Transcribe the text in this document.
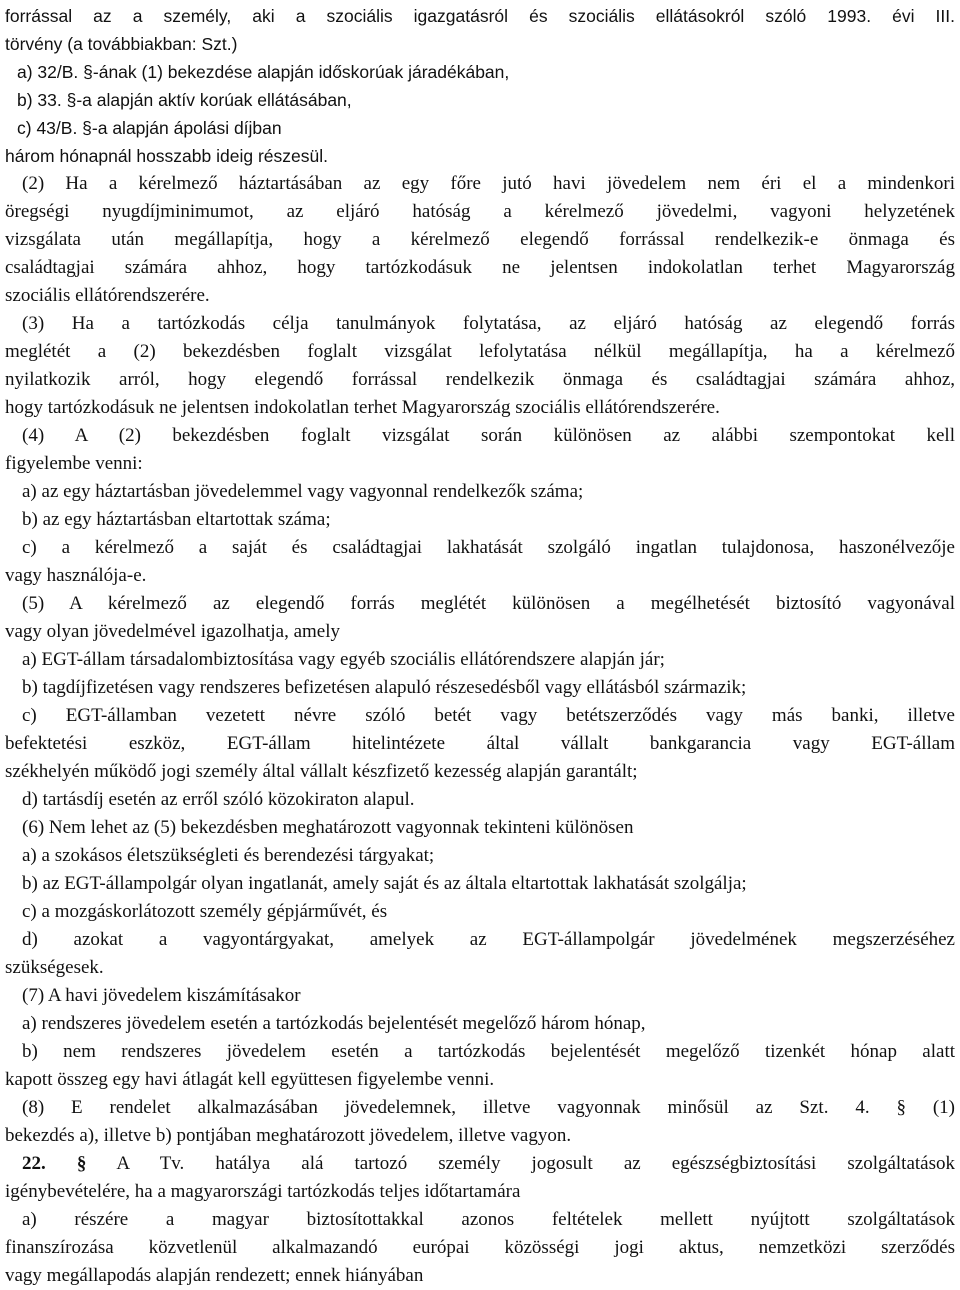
forrással az a személy, aki a szociális igazgatásról és szociális ellátásokról szóló 1993. évi III.
törvény (a továbbiakban: Szt.)
a) 32/B. §-ának (1) bekezdése alapján időskorúak járadékában,
b) 33. §-a alapján aktív korúak ellátásában,
c) 43/B. §-a alapján ápolási díjban
három hónapnál hosszabb ideig részesül.
(2) Ha a kérelmező háztartásában az egy főre jutó havi jövedelem nem éri el a mindenkori
öregségi nyugdíjminimumot, az eljáró hatóság a kérelmező jövedelmi, vagyoni helyzetének
vizsgálata után megállapítja, hogy a kérelmező elegendő forrással rendelkezik-e önmaga és
családtagjai számára ahhoz, hogy tartózkodásuk ne jelentsen indokolatlan terhet Magyarország
szociális ellátórendszerére.
(3) Ha a tartózkodás célja tanulmányok folytatása, az eljáró hatóság az elegendő forrás
meglétét a (2) bekezdésben foglalt vizsgálat lefolytatása nélkül megállapítja, ha a kérelmező
nyilatkozik arról, hogy elegendő forrással rendelkezik önmaga és családtagjai számára ahhoz,
hogy tartózkodásuk ne jelentsen indokolatlan terhet Magyarország szociális ellátórendszerére.
(4) A (2) bekezdésben foglalt vizsgálat során különösen az alábbi szempontokat kell
figyelembe venni:
a) az egy háztartásban jövedelemmel vagy vagyonnal rendelkezők száma;
b) az egy háztartásban eltartottak száma;
c) a kérelmező a saját és családtagjai lakhatását szolgáló ingatlan tulajdonosa, haszonélvezője
vagy használója-e.
(5) A kérelmező az elegendő forrás meglétét különösen a megélhetését biztosító vagyonával
vagy olyan jövedelmével igazolhatja, amely
a) EGT-állam társadalombiztosítása vagy egyéb szociális ellátórendszere alapján jár;
b) tagdíjfizetésen vagy rendszeres befizetésen alapuló részesedésből vagy ellátásból származik;
c) EGT-államban vezetett névre szóló betét vagy betétszerződés vagy más banki, illetve
befektetési eszköz, EGT-állam hitelintézete által vállalt bankgarancia vagy EGT-állam
székhelyén működő jogi személy által vállalt készfizető kezesség alapján garantált;
d) tartásdíj esetén az erről szóló közokiraton alapul.
(6) Nem lehet az (5) bekezdésben meghatározott vagyonnak tekinteni különösen
a) a szokásos életszükségleti és berendezési tárgyakat;
b) az EGT-állampolgár olyan ingatlanát, amely saját és az általa eltartottak lakhatását szolgálja;
c) a mozgáskorlátozott személy gépjárművét, és
d) azokat a vagyontárgyakat, amelyek az EGT-állampolgár jövedelmének megszerzéséhez
szükségesek.
(7) A havi jövedelem kiszámításakor
a) rendszeres jövedelem esetén a tartózkodás bejelentését megelőző három hónap,
b) nem rendszeres jövedelem esetén a tartózkodás bejelentését megelőző tizenkét hónap alatt
kapott összeg egy havi átlagát kell együttesen figyelembe venni.
(8) E rendelet alkalmazásában jövedelemnek, illetve vagyonnak minősül az Szt. 4. § (1)
bekezdés a), illetve b) pontjában meghatározott jövedelem, illetve vagyon.
22. § A Tv. hatálya alá tartozó személy jogosult az egészségbiztosítási szolgáltatások
igénybevételére, ha a magyarországi tartózkodás teljes időtartamára
a) részére a magyar biztosítottakkal azonos feltételek mellett nyújtott szolgáltatások
finanszírozása közvetlenül alkalmazandó európai közösségi jogi aktus, nemzetközi szerződés
vagy megállapodás alapján rendezett; ennek hiányában
